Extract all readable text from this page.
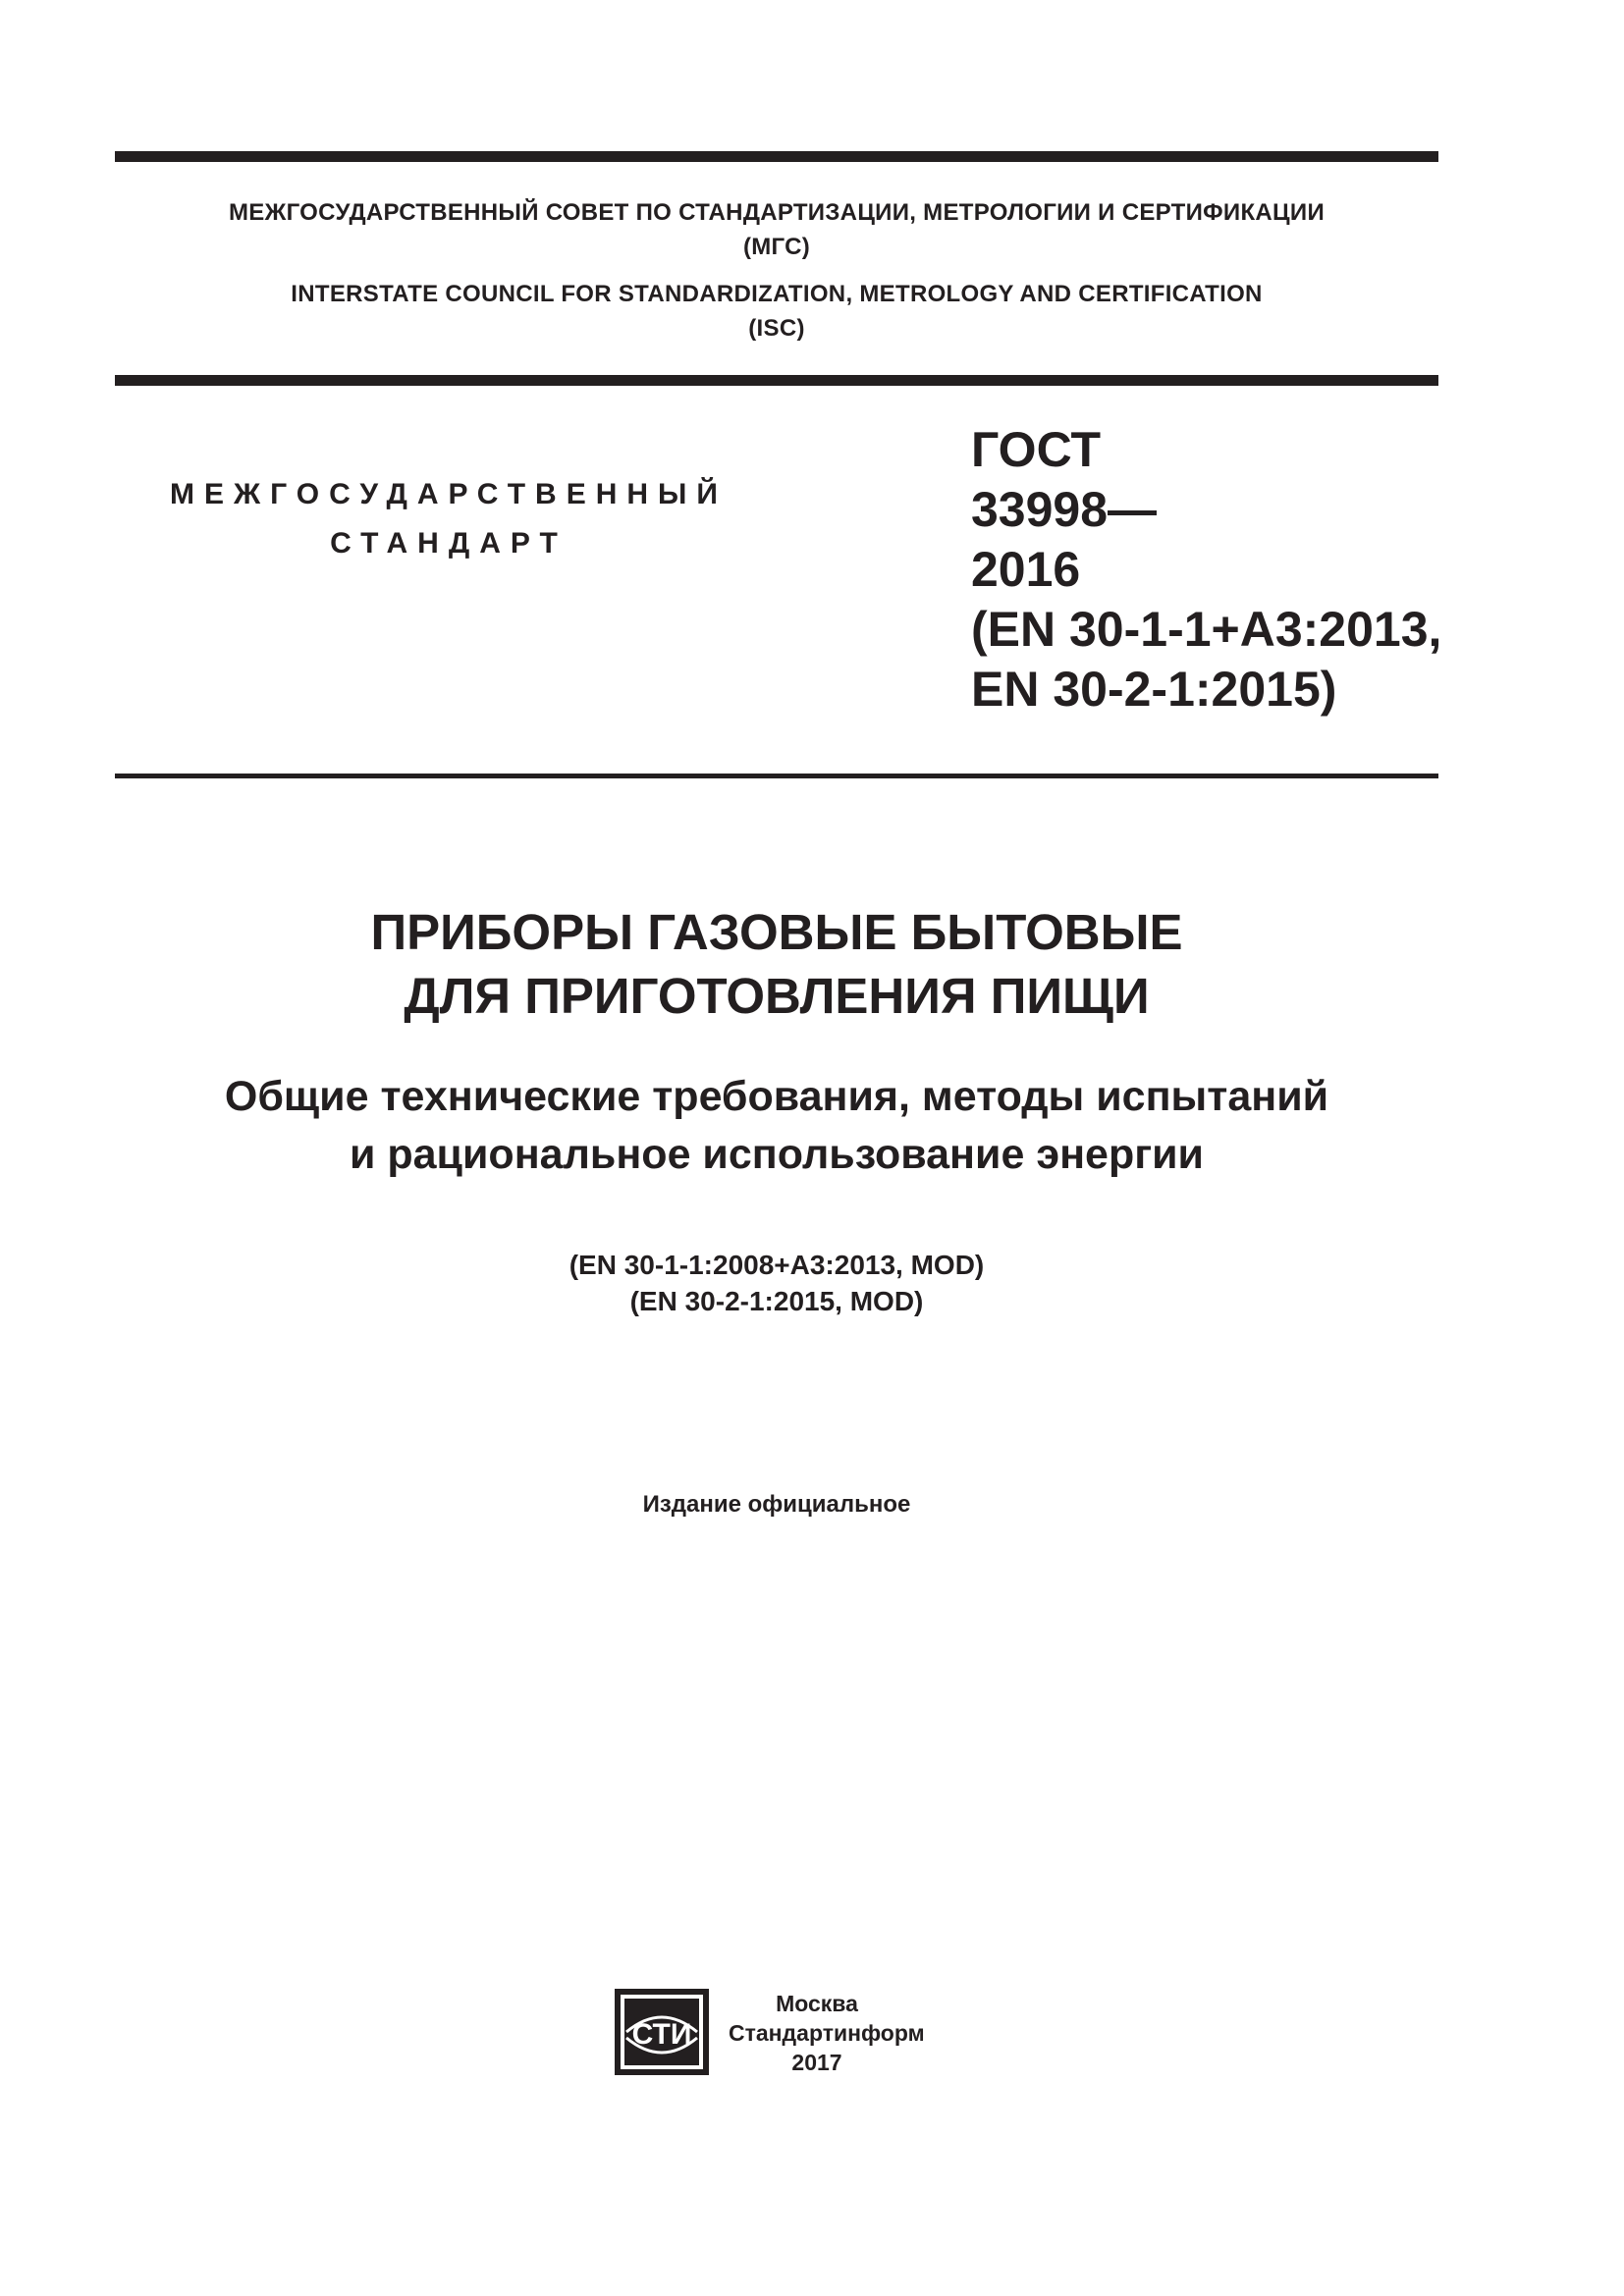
МЕЖГОСУДАРСТВЕННЫЙ СОВЕТ ПО СТАНДАРТИЗАЦИИ, МЕТРОЛОГИИ И СЕРТИФИКАЦИИ
(МГС)
INTERSTATE COUNCIL FOR STANDARDIZATION, METROLOGY AND CERTIFICATION
(ISC)
МЕЖГОСУДАРСТВЕННЫЙ
СТАНДАРТ
ГОСТ
33998—
2016
(EN 30-1-1+A3:2013,
EN 30-2-1:2015)
ПРИБОРЫ ГАЗОВЫЕ БЫТОВЫЕ
ДЛЯ ПРИГОТОВЛЕНИЯ ПИЩИ
Общие технические требования, методы испытаний
и рациональное использование энергии
(EN 30-1-1:2008+A3:2013, MOD)
(EN 30-2-1:2015, MOD)
Издание официальное
СТИ
Москва
Стандартинформ
2017
